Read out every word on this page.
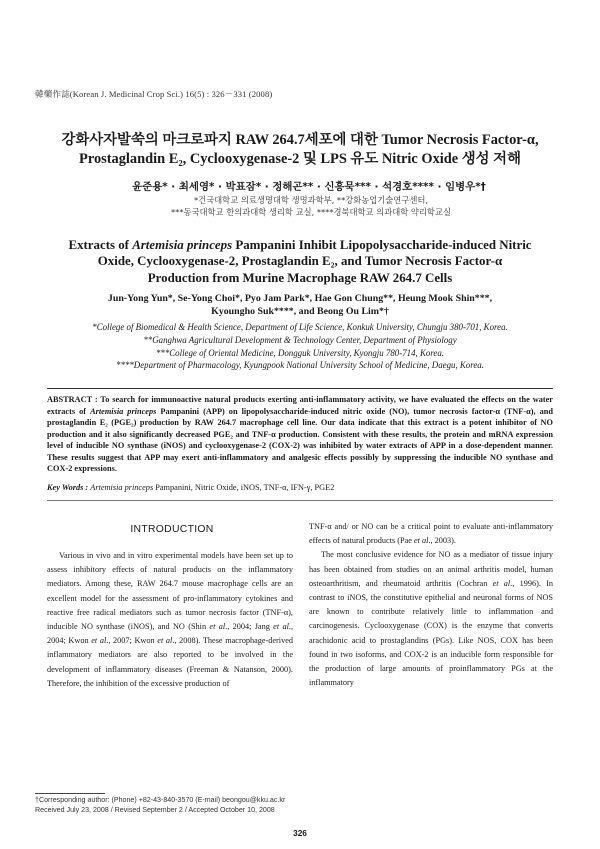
韓藥作誌(Korean J. Medicinal Crop Sci.) 16(5) : 326－331 (2008)
강화사자발쑥의 마크로파지 RAW 264.7세포에 대한 Tumor Necrosis Factor-α,
Prostaglandin E₂, Cyclooxygenase-2 및 LPS 유도 Nitric Oxide 생성 저해
윤준용* · 최세영* · 박표잠* · 정해곤** · 신흥묵*** · 석경호**** · 임병우*†
*건국대학교 의료생명대학 생명과학부, **강화농업기술연구센터,
***동국대학교 한의과대학 생리학 교실, ****경북대학교 의과대학 약리학교실
Extracts of Artemisia princeps Pampanini Inhibit Lipopolysaccharide-induced Nitric
Oxide, Cyclooxygenase-2, Prostaglandin E₂, and Tumor Necrosis Factor-α
Production from Murine Macrophage RAW 264.7 Cells
Jun-Yong Yun*, Se-Yong Choi*, Pyo Jam Park*, Hae Gon Chung**, Heung Mook Shin***,
Kyoungho Suk****, and Beong Ou Lim*†
*College of Biomedical & Health Science, Department of Life Science, Konkuk University, Chungju 380-701, Korea.
**Ganghwa Agricultural Development & Technology Center, Department of Physiology
***College of Oriental Medicine, Dongguk University, Kyongju 780-714, Korea.
****Department of Pharmacology, Kyungpook National University School of Medicine, Daegu, Korea.
ABSTRACT : To search for immunoactive natural products exerting anti-inflammatory activity, we have evaluated the effects on the water extracts of Artemisia princeps Pampanini (APP) on lipopolysaccharide-induced nitric oxide (NO), tumor necrosis factor-α (TNF-α), and prostaglandin E₂ (PGE₂) production by RAW 264.7 macrophage cell line. Our data indicate that this extract is a potent inhibitor of NO production and it also significantly decreased PGE₂ and TNF-α production. Consistent with these results, the protein and mRNA expression level of inducible NO synthase (iNOS) and cyclooxygenase-2 (COX-2) was inhibited by water extracts of APP in a dose-dependent manner. These results suggest that APP may exert anti-inflammatory and analgesic effects possibly by suppressing the inducible NO synthase and COX-2 expressions.
Key Words : Artemisia princeps Pampanini, Nitric Oxide, iNOS, TNF-α, IFN-γ, PGE2
INTRODUCTION

Various in vivo and in vitro experimental models have been set up to assess inhibitory effects of natural products on the inflammatory mediators. Among these, RAW 264.7 mouse macrophage cells are an excellent model for the assessment of pro-inflammatory cytokines and reactive free radical mediators such as tumor necrosis factor (TNF-α), inducible NO synthase (iNOS), and NO (Shin et al., 2004; Jang et al., 2004; Kwon et al., 2007; Kwon et al., 2008). These macrophage-derived inflammatory mediators are also reported to be involved in the development of inflammatory diseases (Freeman & Natanson, 2000). Therefore, the inhibition of the excessive production of

TNF-α and/ or NO can be a critical point to evaluate anti-inflammatory effects of natural products (Pae et al., 2003).

The most conclusive evidence for NO as a mediator of tissue injury has been obtained from studies on an animal arthritis model, human osteoarthritism, and rheumatoid arthritis (Cochran et al., 1996). In contrast to iNOS, the constitutive epithelial and neuronal forms of NOS are known to contribute relatively little to inflammation and carcinogenesis. Cyclooxygenase (COX) is the enzyme that converts arachidonic acid to prostaglandins (PGs). Like NOS, COX has been found in two isoforms, and COX-2 is an inducible form responsible for the production of large amounts of proinflammatory PGs at the inflammatory

†Corresponding author: (Phone) +82-43-840-3570 (E-mail) beongou@kku.ac.kr
Received July 23, 2008 / Revised September 2 / Accepted October 10, 2008
326
